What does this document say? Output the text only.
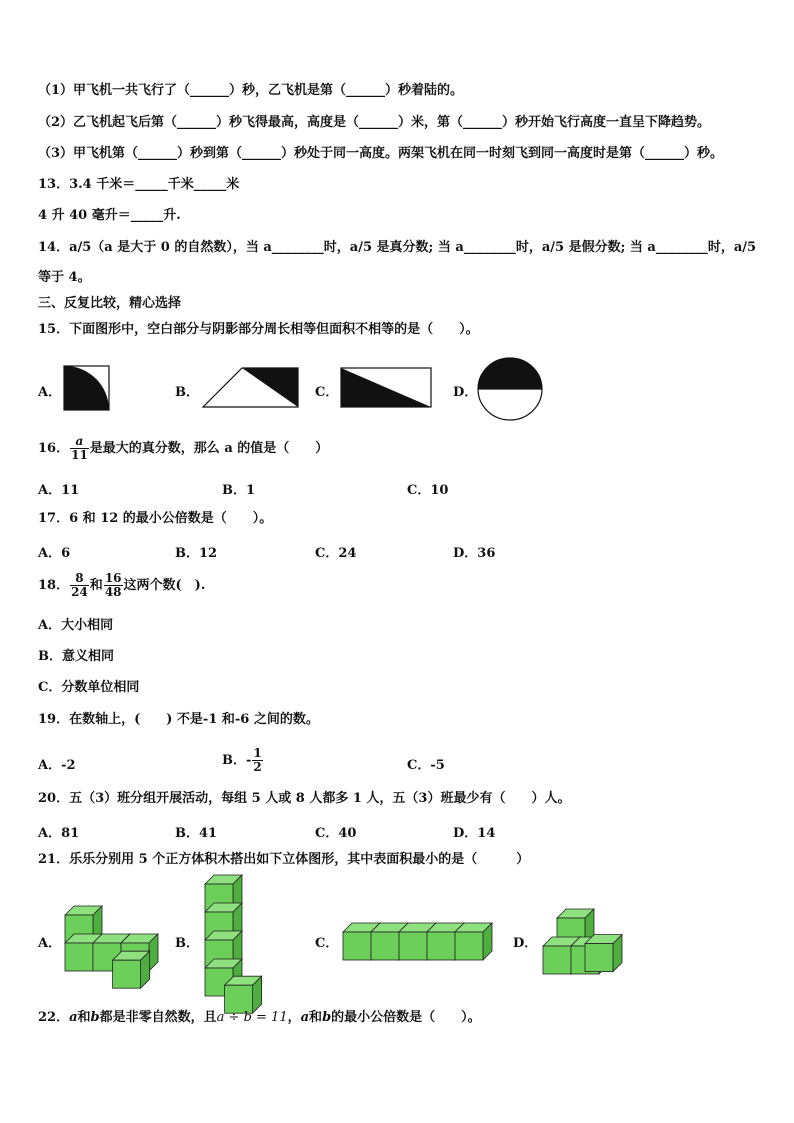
（1）甲飞机一共飞行了（______）秒，乙飞机是第（______）秒着陆的。
（2）乙飞机起飞后第（______）秒飞得最高，高度是（______）米，第（______）秒开始飞行高度一直呈下降趋势。
（3）甲飞机第（______）秒到第（______）秒处于同一高度。两架飞机在同一时刻飞到同一高度时是第（______）秒。
13．3.4 千米＝_____千米_____米
4 升 40 毫升＝_____升.
14．a/5（a 是大于 0 的自然数），当 a________时，a/5 是真分数; 当 a________时，a/5 是假分数; 当 a________时，a/5
等于 4。
三、反复比较，精心选择
15．下面图形中，空白部分与阴影部分周长相等但面积不相等的是（　　）。
A．	B．	C．	D．
16． $\frac{a}{11}$ 是最大的真分数，那么 a 的值是（　　）
A．11	B．1	C．10
17．6 和 12 的最小公倍数是（　　）。
A．6	B．12	C．24	D．36
18． $\frac{8}{24}$ 和 $\frac{16}{48}$ 这两个数(　).
A．大小相同
B．意义相同
C．分数单位相同
19．在数轴上，(　　) 不是-1 和-6 之间的数。
A．-2	B．- $\frac{1}{2}$	C．-5
20．五（3）班分组开展活动，每组 5 人或 8 人都多 1 人，五（3）班最少有（　　）人。
A．81	B．41	C．40	D．14
21．乐乐分别用 5 个正方体积木搭出如下立体图形，其中表面积最小的是（　　　）
A．	B．	C．	D．
22．a和b都是非零自然数，且a ÷ b = 11，a和b的最小公倍数是（　　）。
